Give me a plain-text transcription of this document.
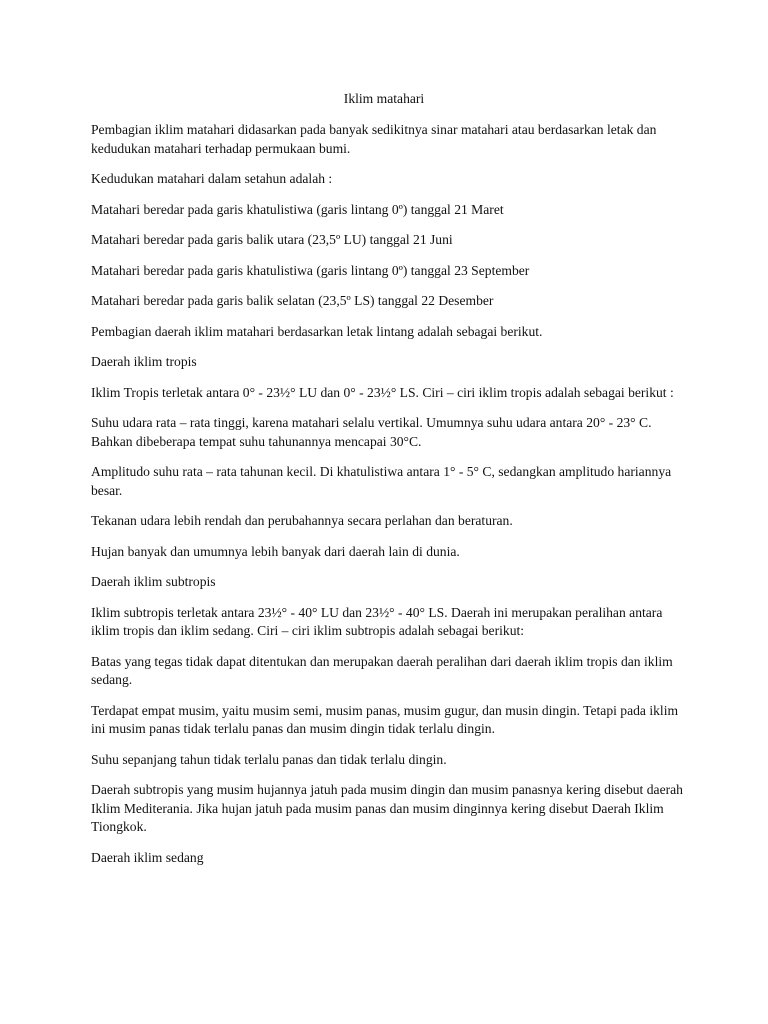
Iklim matahari

Pembagian iklim matahari didasarkan pada banyak sedikitnya sinar matahari atau berdasarkan letak dan kedudukan matahari terhadap permukaan bumi.

Kedudukan matahari dalam setahun adalah :

Matahari beredar pada garis khatulistiwa (garis lintang 0º) tanggal 21 Maret

Matahari beredar pada garis balik utara (23,5º LU) tanggal 21 Juni

Matahari beredar pada garis khatulistiwa (garis lintang 0º) tanggal 23 September

Matahari beredar pada garis balik selatan (23,5º LS) tanggal 22 Desember

Pembagian daerah iklim matahari berdasarkan letak lintang adalah sebagai berikut.

Daerah iklim tropis

Iklim Tropis terletak antara 0° - 23½° LU dan 0° - 23½° LS. Ciri – ciri iklim tropis adalah sebagai berikut :

Suhu udara rata – rata tinggi, karena matahari selalu vertikal. Umumnya suhu udara antara 20° - 23° C. Bahkan dibeberapa tempat suhu tahunannya mencapai 30°C.

Amplitudo suhu rata – rata tahunan kecil. Di khatulistiwa antara 1° - 5° C, sedangkan amplitudo hariannya besar.

Tekanan udara lebih rendah dan perubahannya secara perlahan dan beraturan.

Hujan banyak dan umumnya lebih banyak dari daerah lain di dunia.

Daerah iklim subtropis

Iklim subtropis terletak antara 23½° - 40° LU dan 23½° - 40° LS. Daerah ini merupakan peralihan antara iklim tropis dan iklim sedang. Ciri – ciri iklim subtropis adalah sebagai berikut:

Batas yang tegas tidak dapat ditentukan dan merupakan daerah peralihan dari daerah iklim tropis dan iklim sedang.

Terdapat empat musim, yaitu musim semi, musim panas, musim gugur, dan musin dingin. Tetapi pada iklim ini musim panas tidak terlalu panas dan musim dingin tidak terlalu dingin.

Suhu sepanjang tahun tidak terlalu panas dan tidak terlalu dingin.

Daerah subtropis yang musim hujannya jatuh pada musim dingin dan musim panasnya kering disebut daerah Iklim Mediterania. Jika hujan jatuh pada musim panas dan musim dinginnya kering disebut Daerah Iklim Tiongkok.

Daerah iklim sedang
